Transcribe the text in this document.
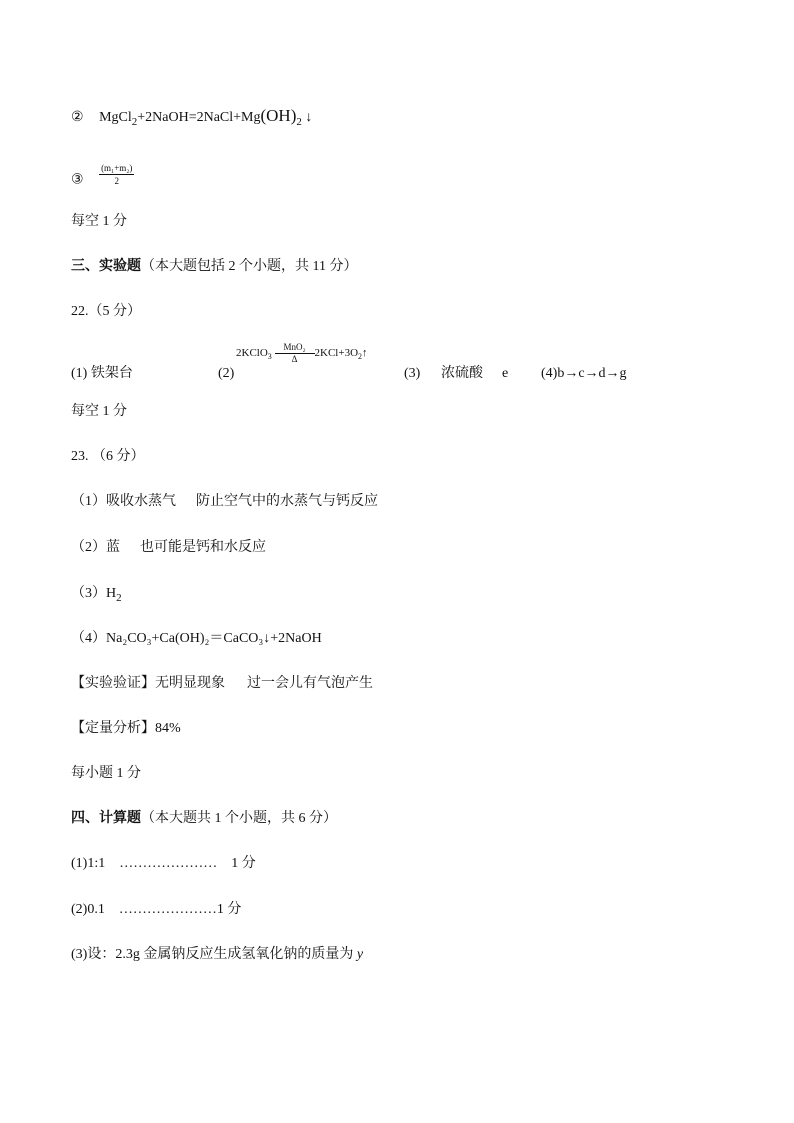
② $MgCl_2+2NaOH=2NaCl+Mg(OH)_2$ ↓
③ $\frac{\text{(m₁+m₂)}}{2}$
每空 1 分
三、实验题（本大题包括 2 个小题，共 11 分）
22.（5 分）
(1) 铁架台	(2)
2KClO$_3$
MnO₂
Δ	$2KCl+3O_2↑$
(3) 浓硫酸 e (4)b→c→d→g
每空 1 分
23. （6 分）
（1）吸收水蒸气 防止空气中的水蒸气与钙反应
（2）蓝 也可能是钙和水反应
$(3)H_2$
（4）Na₂CO₃+Ca(OH)₂＝CaCO₃↓+2NaOH
【实验验证】无明显现象 过一会儿有气泡产生
【定量分析】84%
每小题 1 分
四、计算题（本大题共 1 个小题，共 6 分）
(1)1:1　…………………　1 分
(2)0.1　…………………1 分
(3)设：2.3g 金属钠反应生成氢氧化钠的质量为 y
